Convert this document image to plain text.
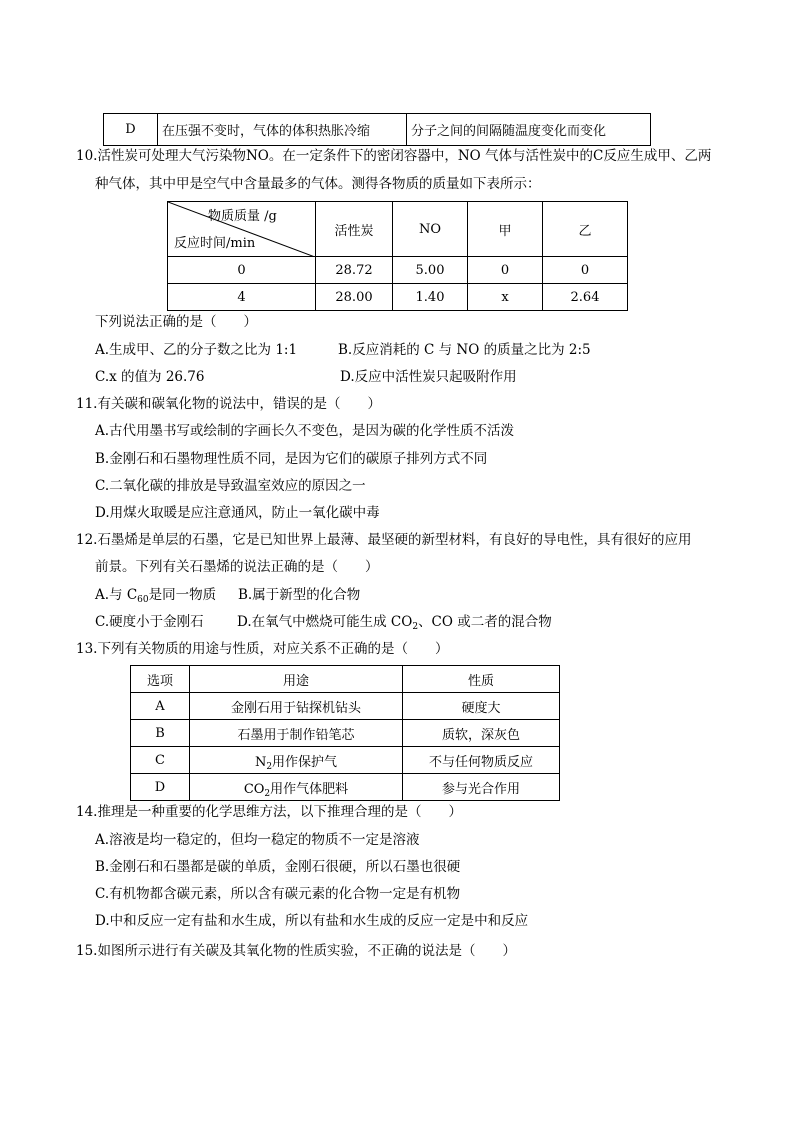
D	在压强不变时，气体的体积热胀冷缩	分子之间的间隔随温度变化而变化
10.活性炭可处理大气污染物NO。在一定条件下的密闭容器中，NO 气体与活性炭中的C反应生成甲、乙两
种气体，其中甲是空气中含量最多的气体。测得各物质的质量如下表所示：
物质质量 /g
反应时间/min	活性炭	NO	甲	乙
0	28.72	5.00	0	0
4	28.00	1.40	x	2.64
下列说法正确的是（　　）
A.生成甲、乙的分子数之比为 1:1	B.反应消耗的 C 与 NO 的质量之比为 2:5
C.x 的值为 26.76	D.反应中活性炭只起吸附作用
11.有关碳和碳氧化物的说法中，错误的是（　　）
A.古代用墨书写或绘制的字画长久不变色，是因为碳的化学性质不活泼
B.金刚石和石墨物理性质不同，是因为它们的碳原子排列方式不同
C.二氧化碳的排放是导致温室效应的原因之一
D.用煤火取暖是应注意通风，防止一氧化碳中毒
12.石墨烯是单层的石墨，它是已知世界上最薄、最坚硬的新型材料，有良好的导电性，具有很好的应用
前景。下列有关石墨烯的说法正确的是（　　）
A.与 $C_{60}$是同一物质 B.属于新型的化合物
C.硬度小于金刚石 D.在氧气中燃烧可能生成 $CO_2$、CO 或二者的混合物
13.下列有关物质的用途与性质，对应关系不正确的是（　　）
选项	用途	性质
A	金刚石用于钻探机钻头	硬度大
B	石墨用于制作铅笔芯	质软，深灰色
C	$N_2$用作保护气	不与任何物质反应
D	$CO_2$用作气体肥料	参与光合作用
14.推理是一种重要的化学思维方法，以下推理合理的是（　　）
A.溶液是均一稳定的，但均一稳定的物质不一定是溶液
B.金刚石和石墨都是碳的单质，金刚石很硬，所以石墨也很硬
C.有机物都含碳元素，所以含有碳元素的化合物一定是有机物
D.中和反应一定有盐和水生成，所以有盐和水生成的反应一定是中和反应
15.如图所示进行有关碳及其氧化物的性质实验，不正确的说法是（　　）
